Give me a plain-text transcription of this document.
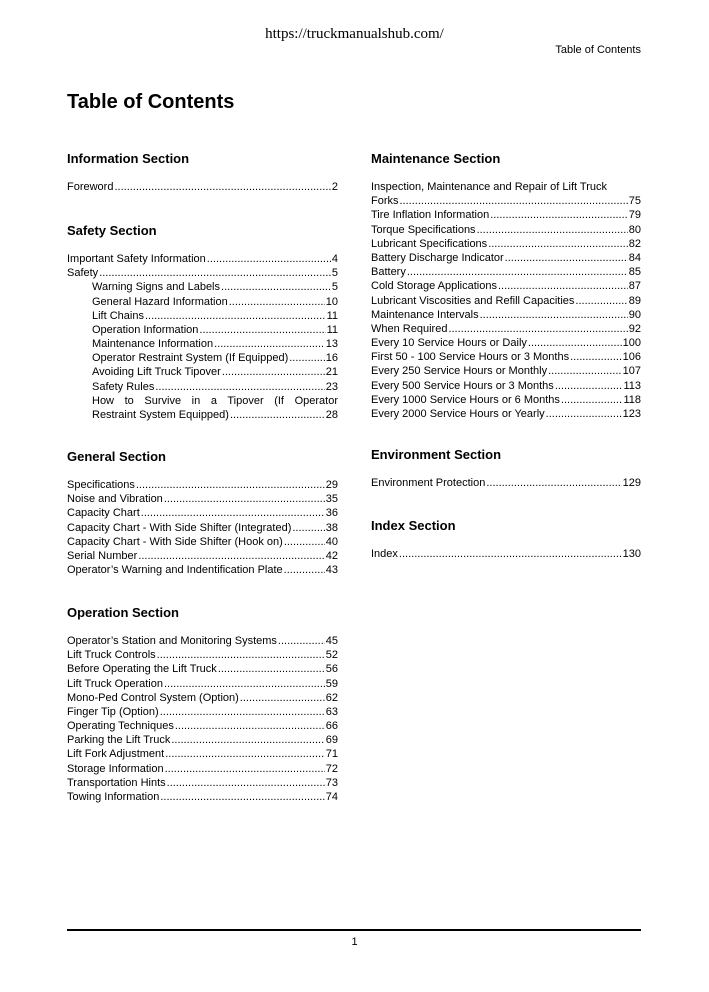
https://truckmanualshub.com/
Table of Contents
Table of Contents
Information Section
Foreword .....	2
Safety Section
Important Safety Information .....	4
Safety .....	5
Warning Signs and Labels .....	5
General Hazard Information .....	10
Lift Chains .....	11
Operation Information .....	11
Maintenance Information .....	13
Operator Restraint System (If Equipped) .....	16
Avoiding Lift Truck Tipover .....	21
Safety Rules .....	23
How to Survive in a Tipover (If Operator
Restraint System Equipped) .....	28
General Section
Specifications .....	29
Noise and Vibration .....	35
Capacity Chart .....	36
Capacity Chart - With Side Shifter (Integrated) .....	38
Capacity Chart - With Side Shifter (Hook on) .....	40
Serial Number .....	42
Operator’s Warning and Indentification Plate .....	43
Operation Section
Operator’s Station and Monitoring Systems .....	45
Lift Truck Controls .....	52
Before Operating the Lift Truck .....	56
Lift Truck Operation .....	59
Mono-Ped Control System (Option) .....	62
Finger Tip (Option) .....	63
Operating Techniques .....	66
Parking the Lift Truck .....	69
Lift Fork Adjustment .....	71
Storage Information .....	72
Transportation Hints .....	73
Towing Information .....	74
Maintenance Section
Inspection, Maintenance and Repair of Lift Truck
Forks .....	75
Tire Inflation Information .....	79
Torque Specifications .....	80
Lubricant Specifications .....	82
Battery Discharge Indicator .....	84
Battery .....	85
Cold Storage Applications .....	87
Lubricant Viscosities and Refill Capacities .....	89
Maintenance Intervals .....	90
When Required .....	92
Every 10 Service Hours or Daily .....	100
First 50 - 100 Service Hours or 3 Months .....	106
Every 250 Service Hours or Monthly .....	107
Every 500 Service Hours or 3 Months .....	113
Every 1000 Service Hours or 6 Months .....	118
Every 2000 Service Hours or Yearly .....	123
Environment Section
Environment Protection .....	129
Index Section
Index .....	130
1
